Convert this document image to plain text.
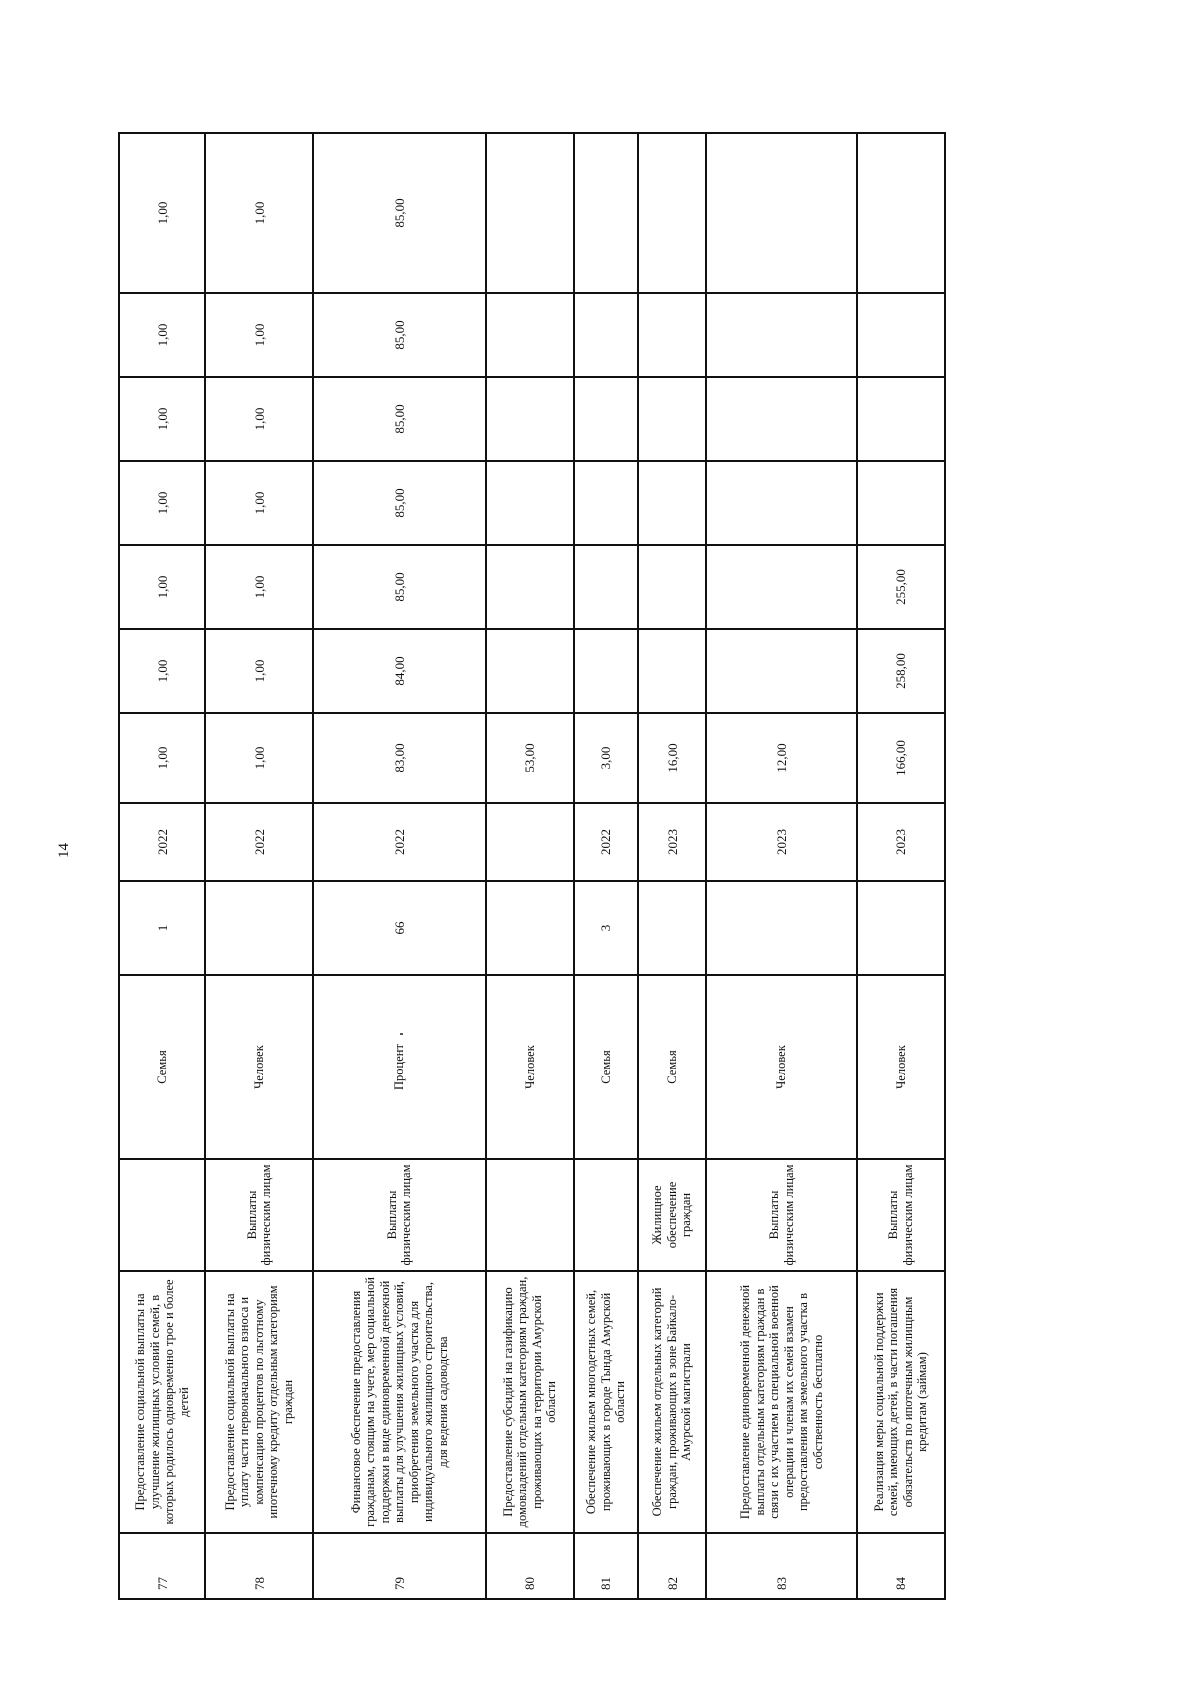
14
77	Предоставление социальной выплаты на улучшение жилищных условий семей, в которых родилось одновременно трое и более детей		Семья	1	2022	1,00	1,00	1,00	1,00	1,00	1,00	1,00
78	Предоставление социальной выплаты на уплату части первоначального взноса и компенсацию процентов по льготному ипотечному кредиту отдельным категориям граждан	Выплаты физическим лицам	Человек		2022	1,00	1,00	1,00	1,00	1,00	1,00	1,00
79	Финансовое обеспечение предоставления гражданам, стоящим на учете, мер социальной поддержки в виде единовременной денежной выплаты для улучшения жилищных условий, приобретения земельного участка для индивидуального жилищного строительства, для ведения садоводства	Выплаты физическим лицам	Процент	66	2022	83,00	84,00	85,00	85,00	85,00	85,00	85,00
80	Предоставление субсидий на газификацию домовладений отдельным категориям граждан, проживающих на территории Амурской области		Человек			53,00						
81	Обеспечение жильем многодетных семей, проживающих в городе Тында Амурской области		Семья	3	2022	3,00						
82	Обеспечение жильем отдельных категорий граждан, проживающих в зоне Байкало-Амурской магистрали	Жилищное обеспечение граждан	Семья		2023	16,00						
83	Предоставление единовременной денежной выплаты отдельным категориям граждан в связи с их участием в специальной военной операции и членам их семей взамен предоставления им земельного участка в собственность бесплатно	Выплаты физическим лицам	Человек		2023	12,00						
84	Реализация меры социальной поддержки семей, имеющих детей, в части погашения обязательств по ипотечным жилищным кредитам (займам)	Выплаты физическим лицам	Человек		2023	166,00	258,00	255,00				
